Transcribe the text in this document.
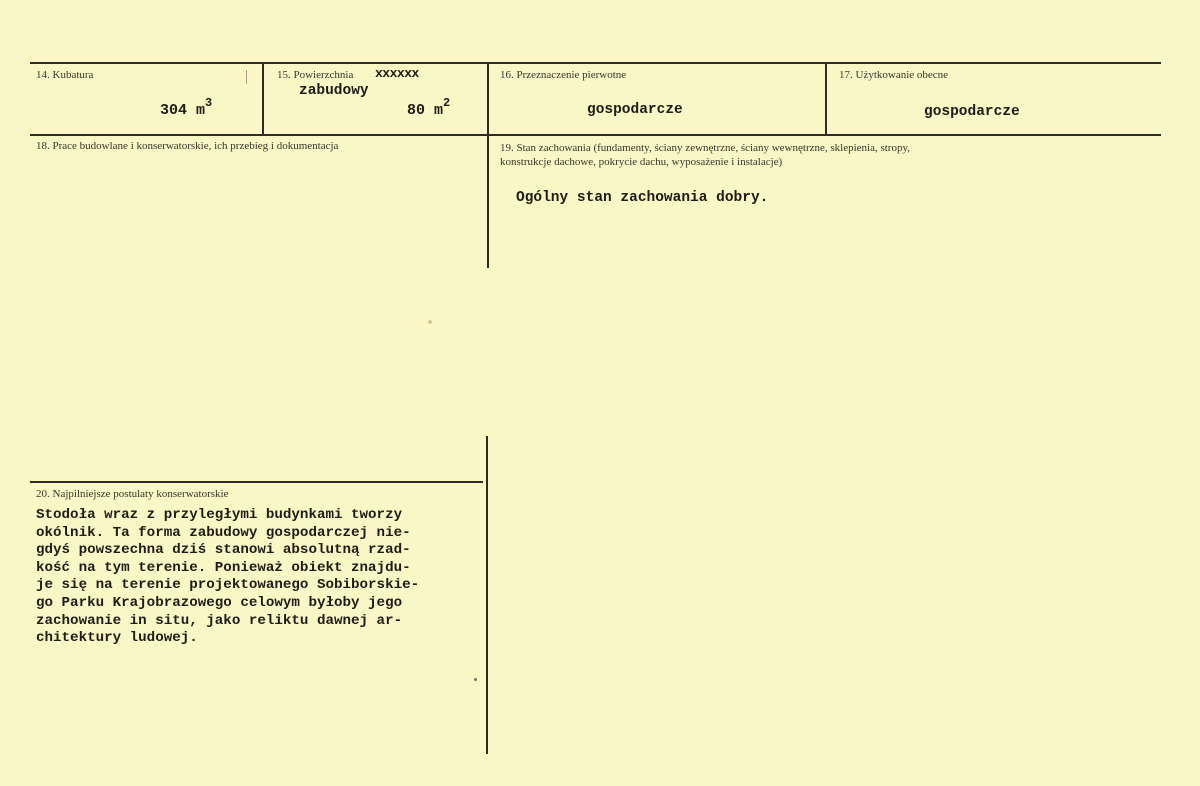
14. Kubatura
304 $m^3$
15. Powierzchnia xxxxxx
zabudowy
80 $m^2$
16. Przeznaczenie pierwotne
gospodarcze
17. Użytkowanie obecne
gospodarcze
18. Prace budowlane i konserwatorskie, ich przebieg i dokumentacja	19. Stan zachowania (fundamenty, ściany zewnętrzne, ściany wewnętrzne, sklepienia, stropy,
konstrukcje dachowe, pokrycie dachu, wyposażenie i instalacje)
Ogólny stan zachowania dobry.
20. Najpilniejsze postulaty konserwatorskie
Stodoła wraz z przyległymi budynkami tworzy
okólnik. Ta forma zabudowy gospodarczej nie-
gdyś powszechna dziś stanowi absolutną rzad-
kość na tym terenie. Ponieważ obiekt znajdu-
je się na terenie projektowanego Sobiborskie-
go Parku Krajobrazowego celowym byłoby jego
zachowanie in situ, jako reliktu dawnej ar-
chitektury ludowej.
